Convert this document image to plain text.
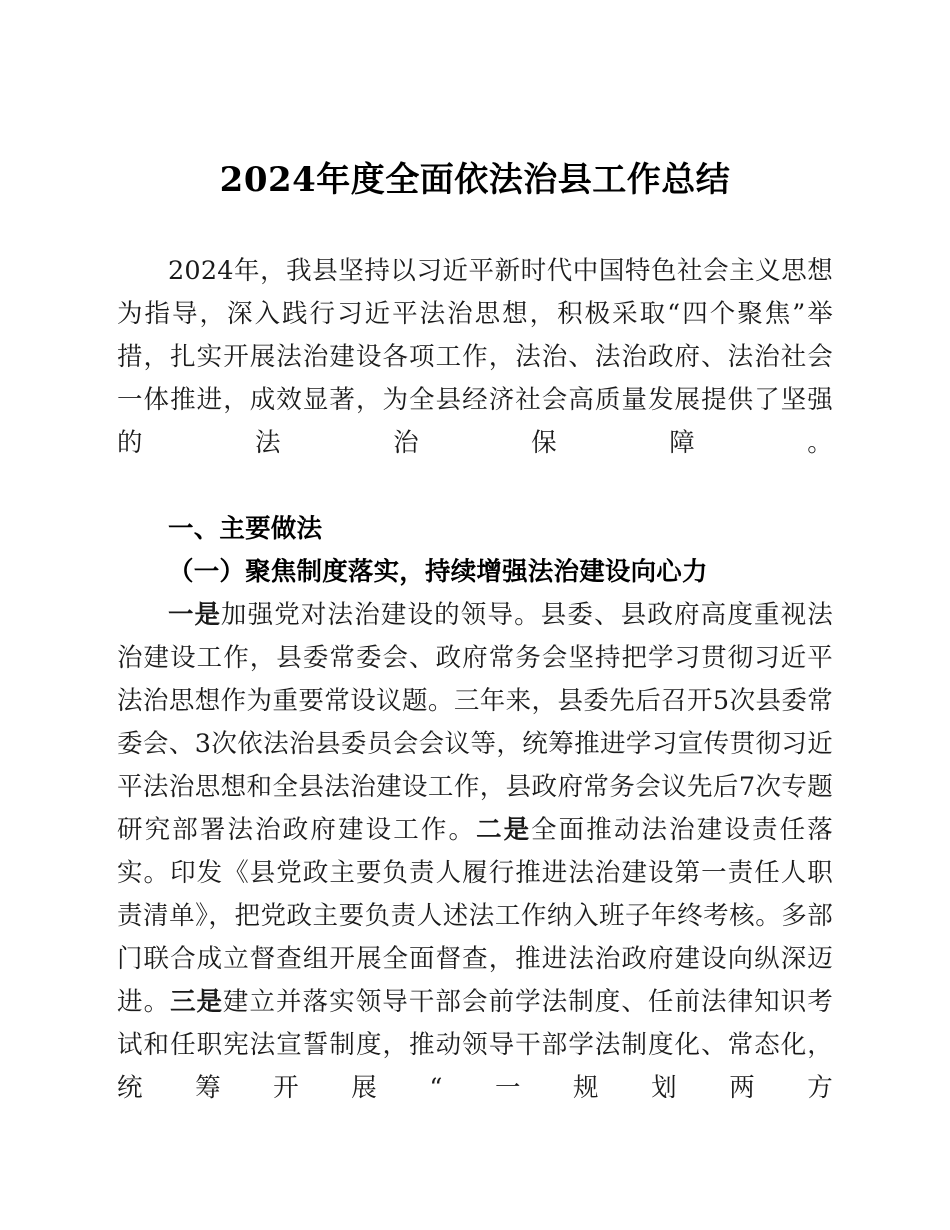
2024年度全面依法治县工作总结

2024年，我县坚持以习近平新时代中国特色社会主义思想为指导，深入践行习近平法治思想，积极采取“四个聚焦”举措，扎实开展法治建设各项工作，法治、法治政府、法治社会一体推进，成效显著，为全县经济社会高质量发展提供了坚强的法治保障。

一、主要做法
（一）聚焦制度落实，持续增强法治建设向心力

一是加强党对法治建设的领导。县委、县政府高度重视法治建设工作，县委常委会、政府常务会坚持把学习贯彻习近平法治思想作为重要常设议题。三年来，县委先后召开5次县委常委会、3次依法治县委员会会议等，统筹推进学习宣传贯彻习近平法治思想和全县法治建设工作，县政府常务会议先后7次专题研究部署法治政府建设工作。二是全面推动法治建设责任落实。印发《县党政主要负责人履行推进法治建设第一责任人职责清单》，把党政主要负责人述法工作纳入班子年终考核。多部门联合成立督查组开展全面督查，推进法治政府建设向纵深迈进。三是建立并落实领导干部会前学法制度、任前法律知识考试和任职宪法宣誓制度，推动领导干部学法制度化、常态化，统筹开展“一规划两方
